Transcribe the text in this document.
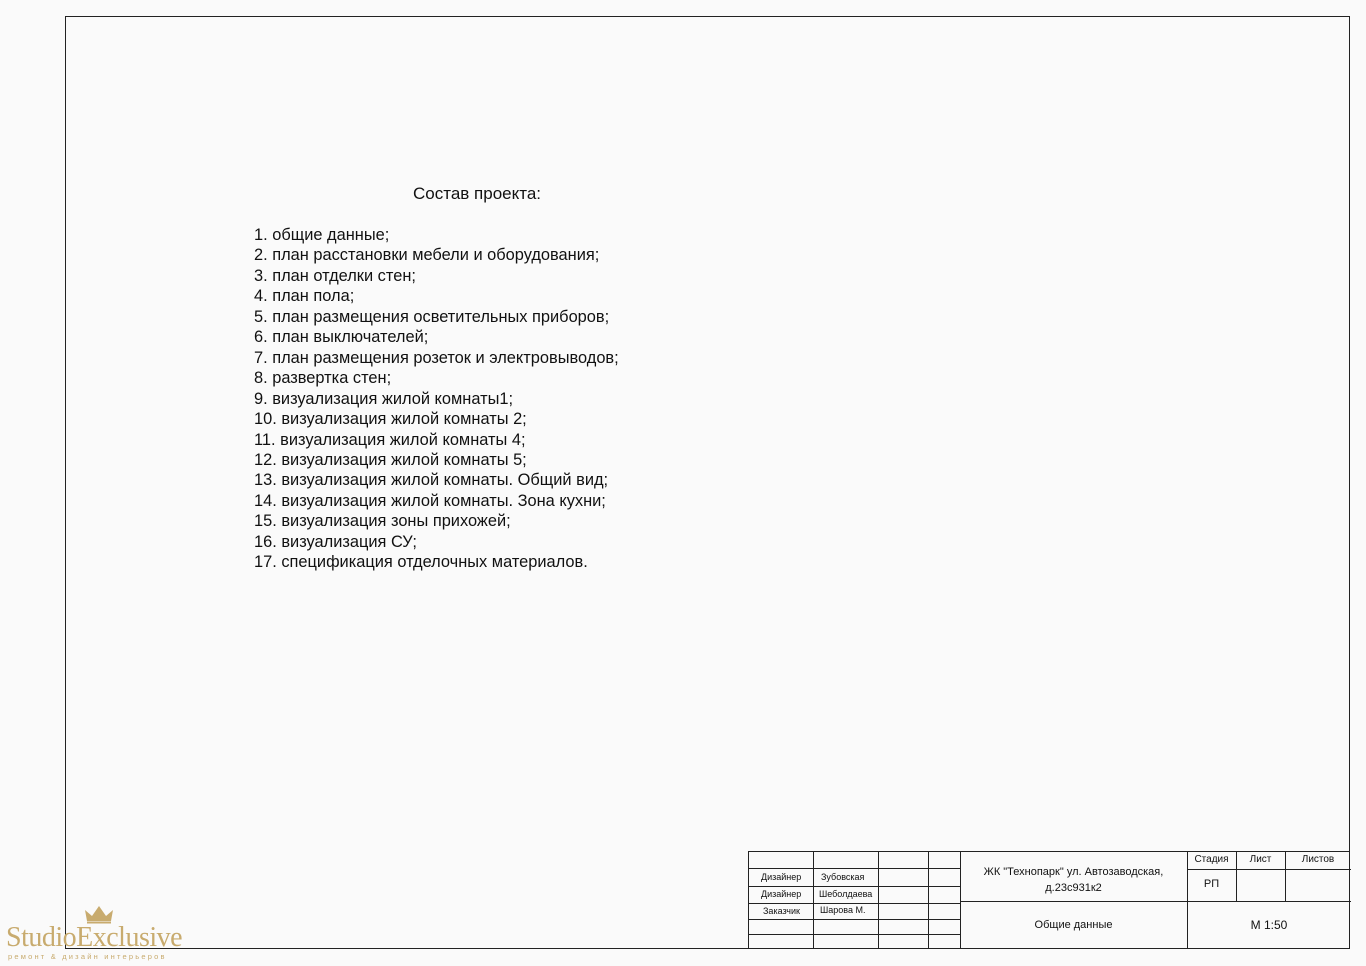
Состав проекта:
1. общие данные;
2. план расстановки мебели и оборудования;
3. план отделки стен;
4. план пола;
5. план размещения осветительных приборов;
6. план выключателей;
7. план размещения розеток и электровыводов;
8. развертка стен;
9. визуализация жилой комнаты1;
10. визуализация жилой комнаты 2;
11. визуализация жилой комнаты 4;
12. визуализация жилой комнаты 5;
13. визуализация жилой комнаты. Общий вид;
14. визуализация жилой комнаты. Зона кухни;
15. визуализация зоны прихожей;
16. визуализация СУ;
17. спецификация отделочных материалов.
Дизайнер Зубовская
Дизайнер Шеболдаева
Заказчик Шарова М.
ЖК "Технопарк" ул. Автозаводская,
д.23с931к2
Общие данные
Стадия	Лист	Листов
РП
М 1:50
StudioExclusive
ремонт & дизайн интерьеров
